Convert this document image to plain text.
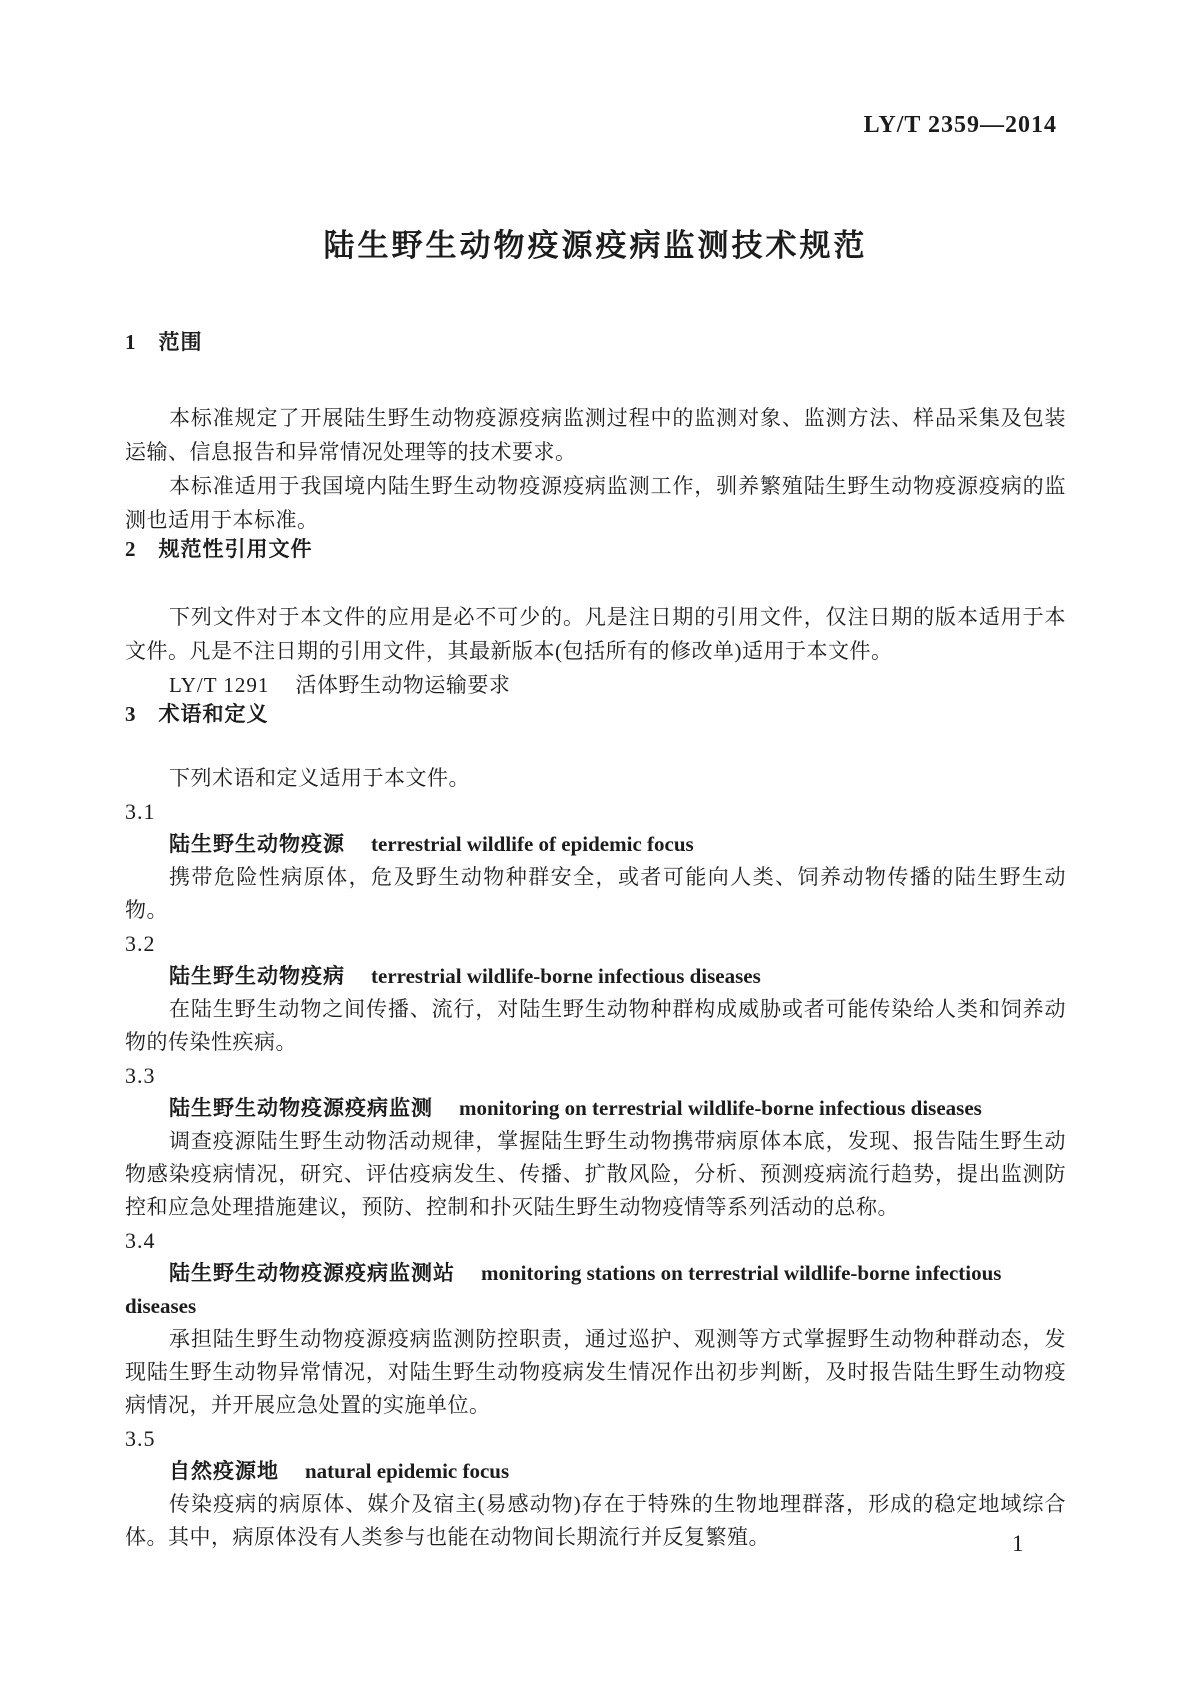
LY/T 2359—2014
陆生野生动物疫源疫病监测技术规范
1 范围

本标准规定了开展陆生野生动物疫源疫病监测过程中的监测对象、监测方法、样品采集及包装运输、信息报告和异常情况处理等的技术要求。

本标准适用于我国境内陆生野生动物疫源疫病监测工作，驯养繁殖陆生野生动物疫源疫病的监测也适用于本标准。

2 规范性引用文件

下列文件对于本文件的应用是必不可少的。凡是注日期的引用文件，仅注日期的版本适用于本文件。凡是不注日期的引用文件，其最新版本(包括所有的修改单)适用于本文件。

LY/T 1291 活体野生动物运输要求

3 术语和定义

下列术语和定义适用于本文件。

3.1

陆生野生动物疫源 terrestrial wildlife of epidemic focus

携带危险性病原体，危及野生动物种群安全，或者可能向人类、饲养动物传播的陆生野生动物。

3.2

陆生野生动物疫病 terrestrial wildlife-borne infectious diseases

在陆生野生动物之间传播、流行，对陆生野生动物种群构成威胁或者可能传染给人类和饲养动物的传染性疾病。

3.3

陆生野生动物疫源疫病监测 monitoring on terrestrial wildlife-borne infectious diseases

调查疫源陆生野生动物活动规律，掌握陆生野生动物携带病原体本底，发现、报告陆生野生动物感染疫病情况，研究、评估疫病发生、传播、扩散风险，分析、预测疫病流行趋势，提出监测防控和应急处理措施建议，预防、控制和扑灭陆生野生动物疫情等系列活动的总称。

3.4

陆生野生动物疫源疫病监测站 monitoring stations on terrestrial wildlife-borne infectious diseases

承担陆生野生动物疫源疫病监测防控职责，通过巡护、观测等方式掌握野生动物种群动态，发现陆生野生动物异常情况，对陆生野生动物疫病发生情况作出初步判断，及时报告陆生野生动物疫病情况，并开展应急处置的实施单位。

3.5

自然疫源地 natural epidemic focus

传染疫病的病原体、媒介及宿主(易感动物)存在于特殊的生物地理群落，形成的稳定地域综合体。其中，病原体没有人类参与也能在动物间长期流行并反复繁殖。	1
